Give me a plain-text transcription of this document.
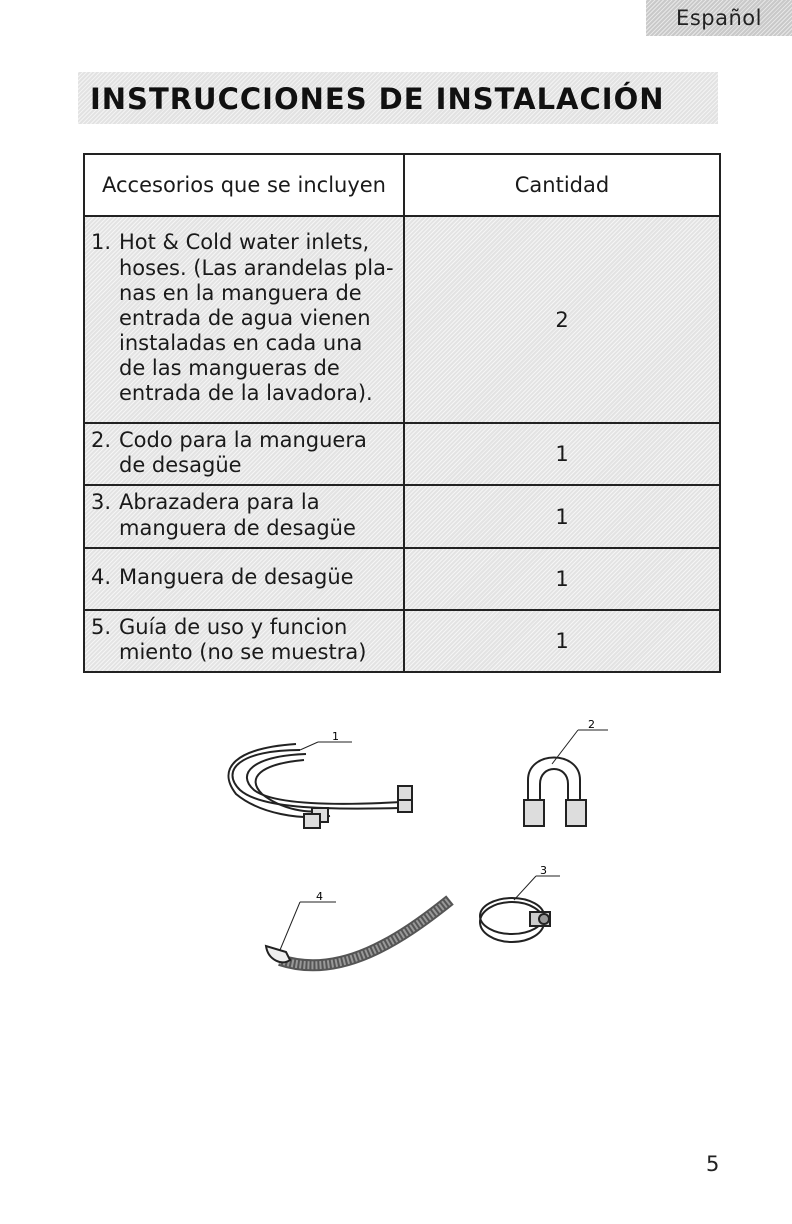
Español
INSTRUCCIONES DE INSTALACIÓN
Accesorios que se incluyen	Cantidad

1. Hot & Cold water inlets, hoses. (Las arandelas pla-nas en la manguera de entrada de agua vienen instaladas en cada una de las mangueras de entrada de la lavadora).	2

2. Codo para la manguera de desagüe	1

3. Abrazadera para la manguera de desagüe	1

4. Manguera de desagüe	1

5. Guía de uso y funcion miento (no se muestra)	1
1
2
3
4
5
